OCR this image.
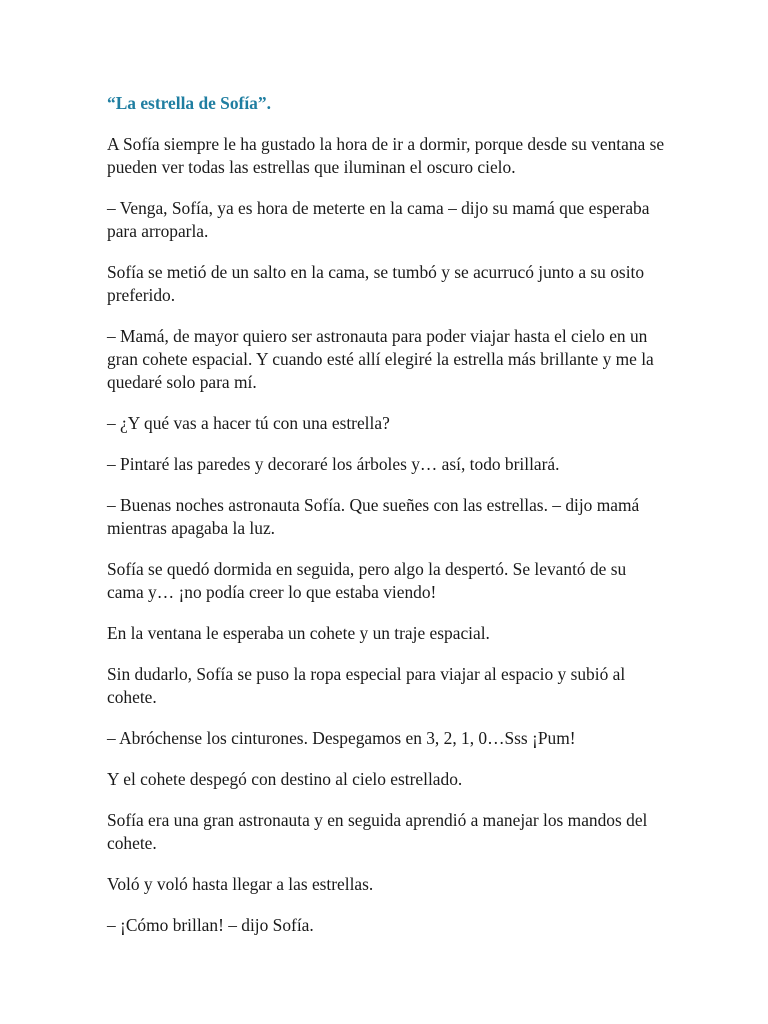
“La estrella de Sofía”.

A Sofía siempre le ha gustado la hora de ir a dormir, porque desde su ventana se pueden ver todas las estrellas que iluminan el oscuro cielo.

– Venga, Sofía, ya es hora de meterte en la cama – dijo su mamá que esperaba para arroparla.

Sofía se metió de un salto en la cama, se tumbó y se acurrucó junto a su osito preferido.

– Mamá, de mayor quiero ser astronauta para poder viajar hasta el cielo en un gran cohete espacial. Y cuando esté allí elegiré la estrella más brillante y me la quedaré solo para mí.

– ¿Y qué vas a hacer tú con una estrella?

– Pintaré las paredes y decoraré los árboles y… así, todo brillará.

– Buenas noches astronauta Sofía. Que sueñes con las estrellas. – dijo mamá mientras apagaba la luz.

Sofía se quedó dormida en seguida, pero algo la despertó. Se levantó de su cama y… ¡no podía creer lo que estaba viendo!

En la ventana le esperaba un cohete y un traje espacial.

Sin dudarlo, Sofía se puso la ropa especial para viajar al espacio y subió al cohete.

– Abróchense los cinturones. Despegamos en 3, 2, 1, 0…Sss ¡Pum!

Y el cohete despegó con destino al cielo estrellado.

Sofía era una gran astronauta y en seguida aprendió a manejar los mandos del cohete.

Voló y voló hasta llegar a las estrellas.

– ¡Cómo brillan! – dijo Sofía.
